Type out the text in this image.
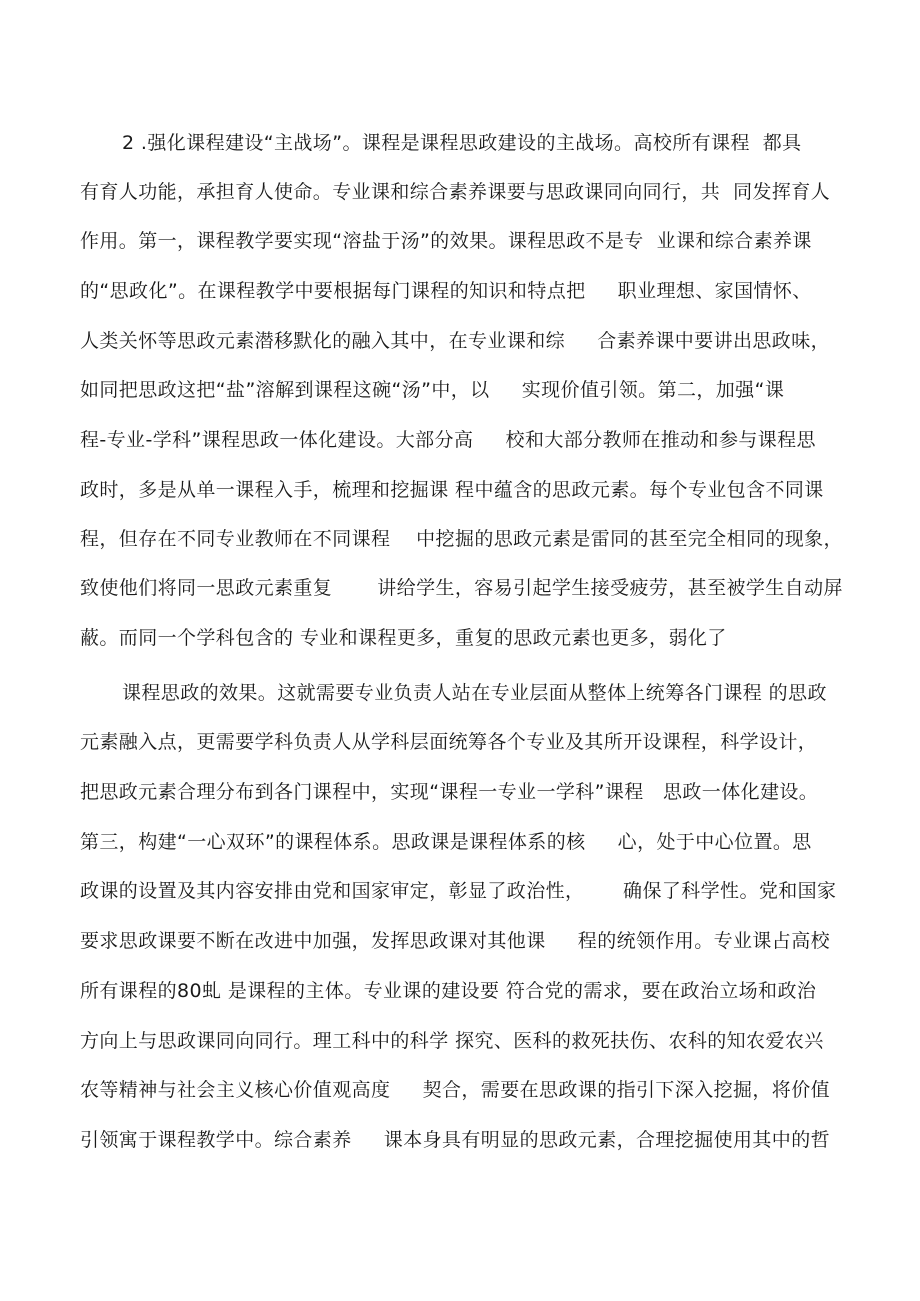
2 .强化课程建设“主战场”。课程是课程思政建设的主战场。高校所有课程  都具
有育人功能，承担育人使命。专业课和综合素养课要与思政课同向同行，共  同发挥育人
作用。第一，课程教学要实现“溶盐于汤”的效果。课程思政不是专  业课和综合素养课
的“思政化”。在课程教学中要根据每门课程的知识和特点把     职业理想、家国情怀、
人类关怀等思政元素潜移默化的融入其中，在专业课和综     合素养课中要讲出思政味，
如同把思政这把“盐”溶解到课程这碗“汤”中，以     实现价值引领。第二，加强“课
程-专业-学科”课程思政一体化建设。大部分高     校和大部分教师在推动和参与课程思
政时，多是从单一课程入手，梳理和挖掘课 程中蕴含的思政元素。每个专业包含不同课
程，但存在不同专业教师在不同课程    中挖掘的思政元素是雷同的甚至完全相同的现象，
致使他们将同一思政元素重复       讲给学生，容易引起学生接受疲劳，甚至被学生自动屏
蔽。而同一个学科包含的 专业和课程更多，重复的思政元素也更多，弱化了
课程思政的效果。这就需要专业负责人站在专业层面从整体上统筹各门课程 的思政
元素融入点，更需要学科负责人从学科层面统筹各个专业及其所开设课程，科学设计，
把思政元素合理分布到各门课程中，实现“课程一专业一学科”课程   思政一体化建设。
第三，构建“一心双环”的课程体系。思政课是课程体系的核     心，处于中心位置。思
政课的设置及其内容安排由党和国家审定，彰显了政治性，      确保了科学性。党和国家
要求思政课要不断在改进中加强，发挥思政课对其他课     程的统领作用。专业课占高校
所有课程的80虬 是课程的主体。专业课的建设要 符合党的需求，要在政治立场和政治
方向上与思政课同向同行。理工科中的科学 探究、医科的救死扶伤、农科的知农爱农兴
农等精神与社会主义核心价值观高度     契合，需要在思政课的指引下深入挖掘，将价值
引领寓于课程教学中。综合素养     课本身具有明显的思政元素，合理挖掘使用其中的哲
